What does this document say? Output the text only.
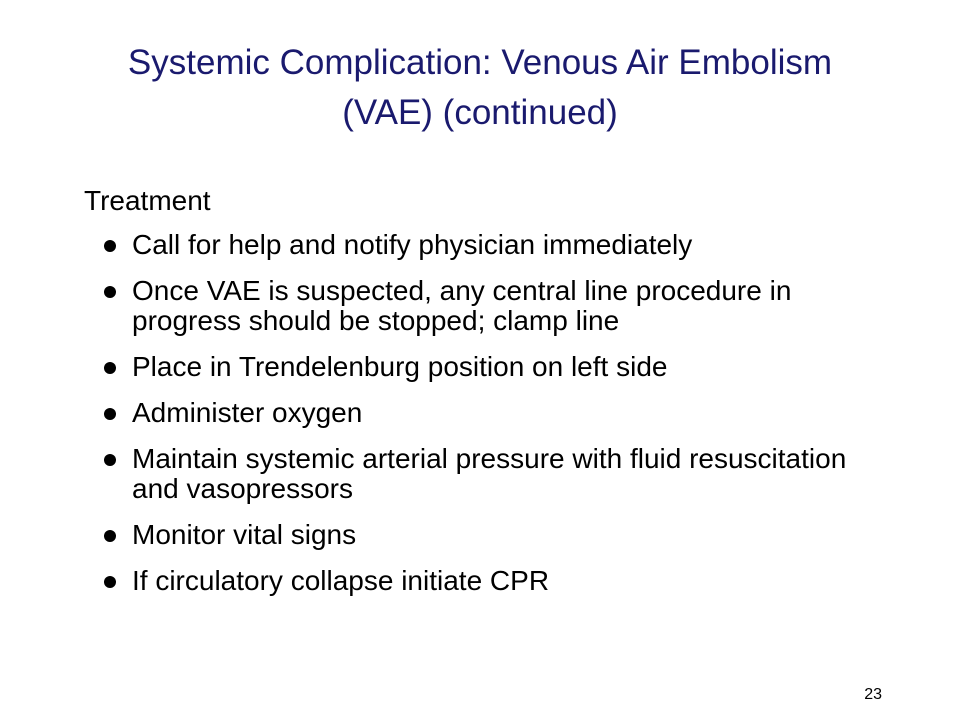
Systemic Complication: Venous Air Embolism (VAE) (continued)
Treatment
Call for help and notify physician immediately
Once VAE is suspected, any central line procedure in progress should be stopped; clamp line
Place in Trendelenburg position on left side
Administer oxygen
Maintain systemic arterial pressure with fluid resuscitation and vasopressors
Monitor vital signs
If circulatory collapse initiate CPR
23
